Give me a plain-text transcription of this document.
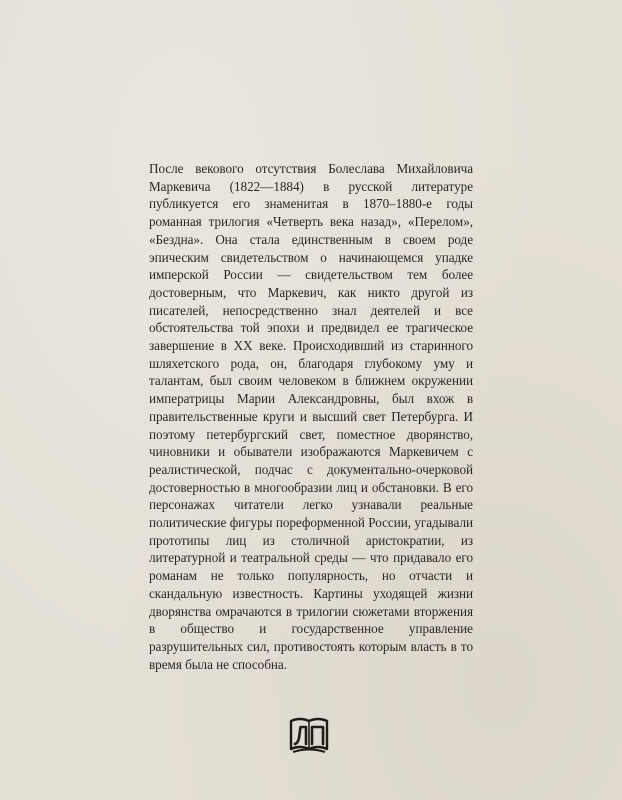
После векового отсутствия Болеслава Михайловича Маркевича (1822—1884) в русской литературе публикуется его знаменитая в 1870–1880-е годы романная трилогия «Четверть века назад», «Перелом», «Бездна». Она стала единственным в своем роде эпическим свидетельством о начинающемся упадке имперской России — свидетельством тем более достоверным, что Маркевич, как никто другой из писателей, непосредственно знал деятелей и все обстоятельства той эпохи и предвидел ее трагическое завершение в ХХ веке. Происходивший из старинного шляхетского рода, он, благодаря глубокому уму и талантам, был своим человеком в ближнем окружении императрицы Марии Александровны, был вхож в правительственные круги и высший свет Петербурга. И поэтому петербургский свет, поместное дворянство, чиновники и обыватели изображаются Маркевичем с реалистической, подчас с документально-очерковой достоверностью в многообразии лиц и обстановки. В его персонажах читатели легко узнавали реальные политические фигуры пореформенной России, угадывали прототипы лиц из столичной аристократии, из литературной и театральной среды — что придавало его романам не только популярность, но отчасти и скандальную известность. Картины уходящей жизни дворянства омрачаются в трилогии сюжетами вторжения в общество и государственное управление разрушительных сил, противостоять которым власть в то время была не способна.
